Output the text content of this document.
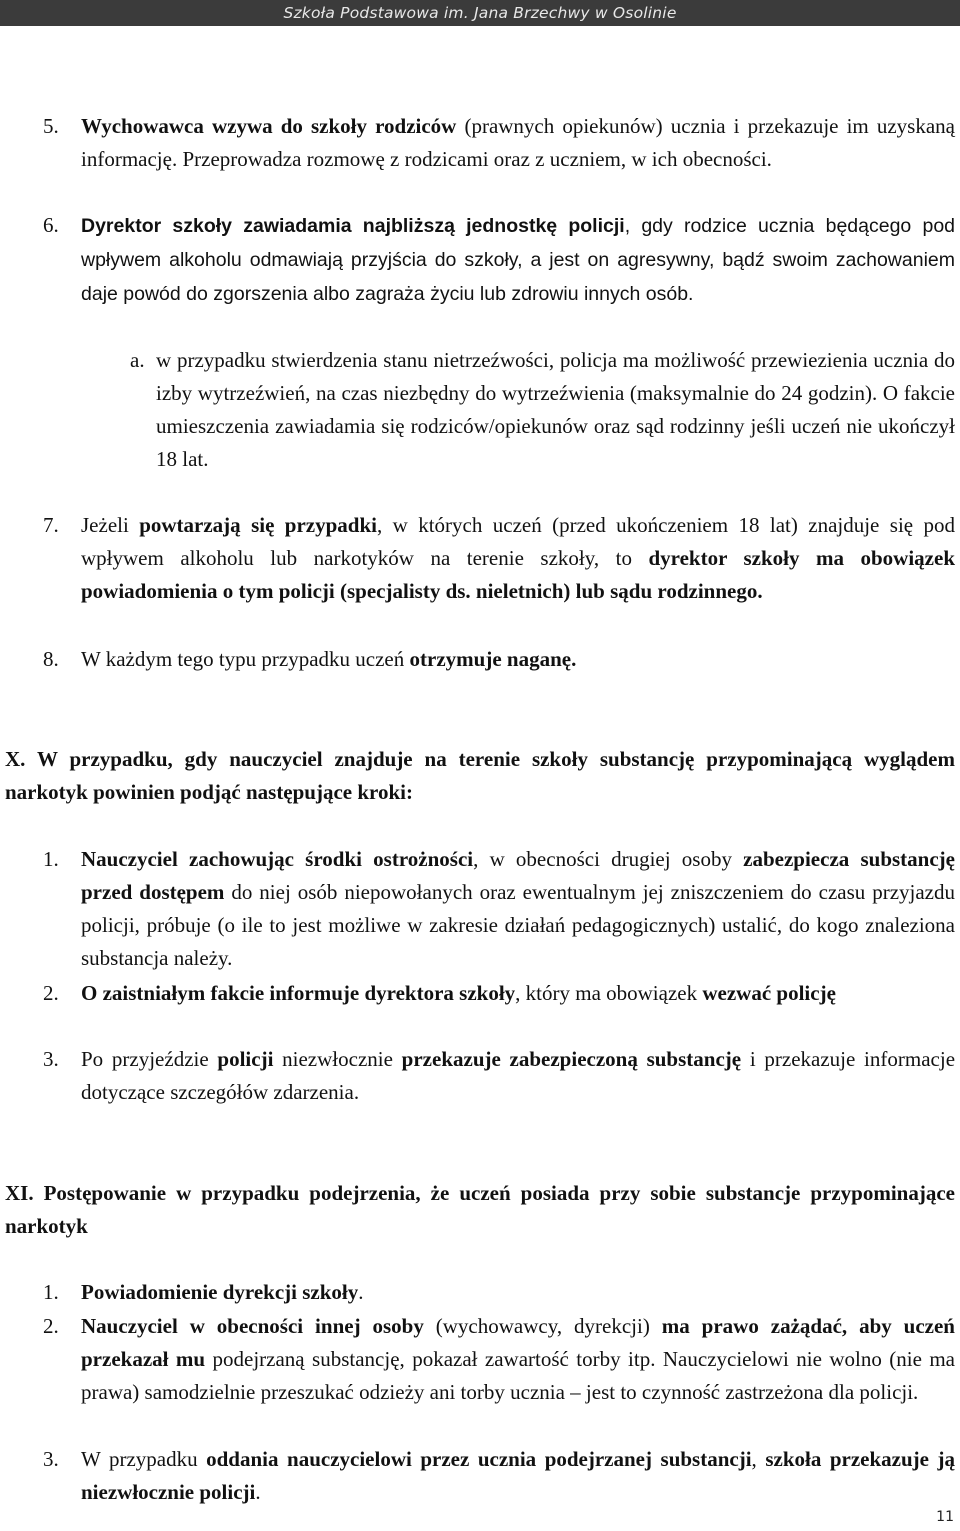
Szkoła Podstawowa im. Jana Brzechwy w Osolinie
5. Wychowawca wzywa do szkoły rodziców (prawnych opiekunów) ucznia i przekazuje im uzyskaną informację. Przeprowadza rozmowę z rodzicami oraz z uczniem, w ich obecności.
6. Dyrektor szkoły zawiadamia najbliższą jednostkę policji, gdy rodzice ucznia będącego pod wpływem alkoholu odmawiają przyjścia do szkoły, a jest on agresywny, bądź swoim zachowaniem daje powód do zgorszenia albo zagraża życiu lub zdrowiu innych osób.
a. w przypadku stwierdzenia stanu nietrzeźwości, policja ma możliwość przewiezienia ucznia do izby wytrzeźwień, na czas niezbędny do wytrzeźwienia (maksymalnie do 24 godzin). O fakcie umieszczenia zawiadamia się rodziców/opiekunów oraz sąd rodzinny jeśli uczeń nie ukończył 18 lat.
7. Jeżeli powtarzają się przypadki, w których uczeń (przed ukończeniem 18 lat) znajduje się pod wpływem alkoholu lub narkotyków na terenie szkoły, to dyrektor szkoły ma obowiązek powiadomienia o tym policji (specjalisty ds. nieletnich) lub sądu rodzinnego.
8. W każdym tego typu przypadku uczeń otrzymuje naganę.
X. W przypadku, gdy nauczyciel znajduje na terenie szkoły substancję przypominającą wyglądem narkotyk powinien podjąć następujące kroki:
1. Nauczyciel zachowując środki ostrożności, w obecności drugiej osoby zabezpiecza substancję przed dostępem do niej osób niepowołanych oraz ewentualnym jej zniszczeniem do czasu przyjazdu policji, próbuje (o ile to jest możliwe w zakresie działań pedagogicznych) ustalić, do kogo znaleziona substancja należy.
2. O zaistniałym fakcie informuje dyrektora szkoły, który ma obowiązek wezwać policję
3. Po przyjeździe policji niezwłocznie przekazuje zabezpieczoną substancję i przekazuje informacje dotyczące szczegółów zdarzenia.
XI. Postępowanie w przypadku podejrzenia, że uczeń posiada przy sobie substancje przypominające narkotyk
1. Powiadomienie dyrekcji szkoły.
2. Nauczyciel w obecności innej osoby (wychowawcy, dyrekcji) ma prawo zażądać, aby uczeń przekazał mu podejrzaną substancję, pokazał zawartość torby itp. Nauczycielowi nie wolno (nie ma prawa) samodzielnie przeszukać odzieży ani torby ucznia – jest to czynność zastrzeżona dla policji.
3. W przypadku oddania nauczycielowi przez ucznia podejrzanej substancji, szkoła przekazuje ją niezwłocznie policji.
11
